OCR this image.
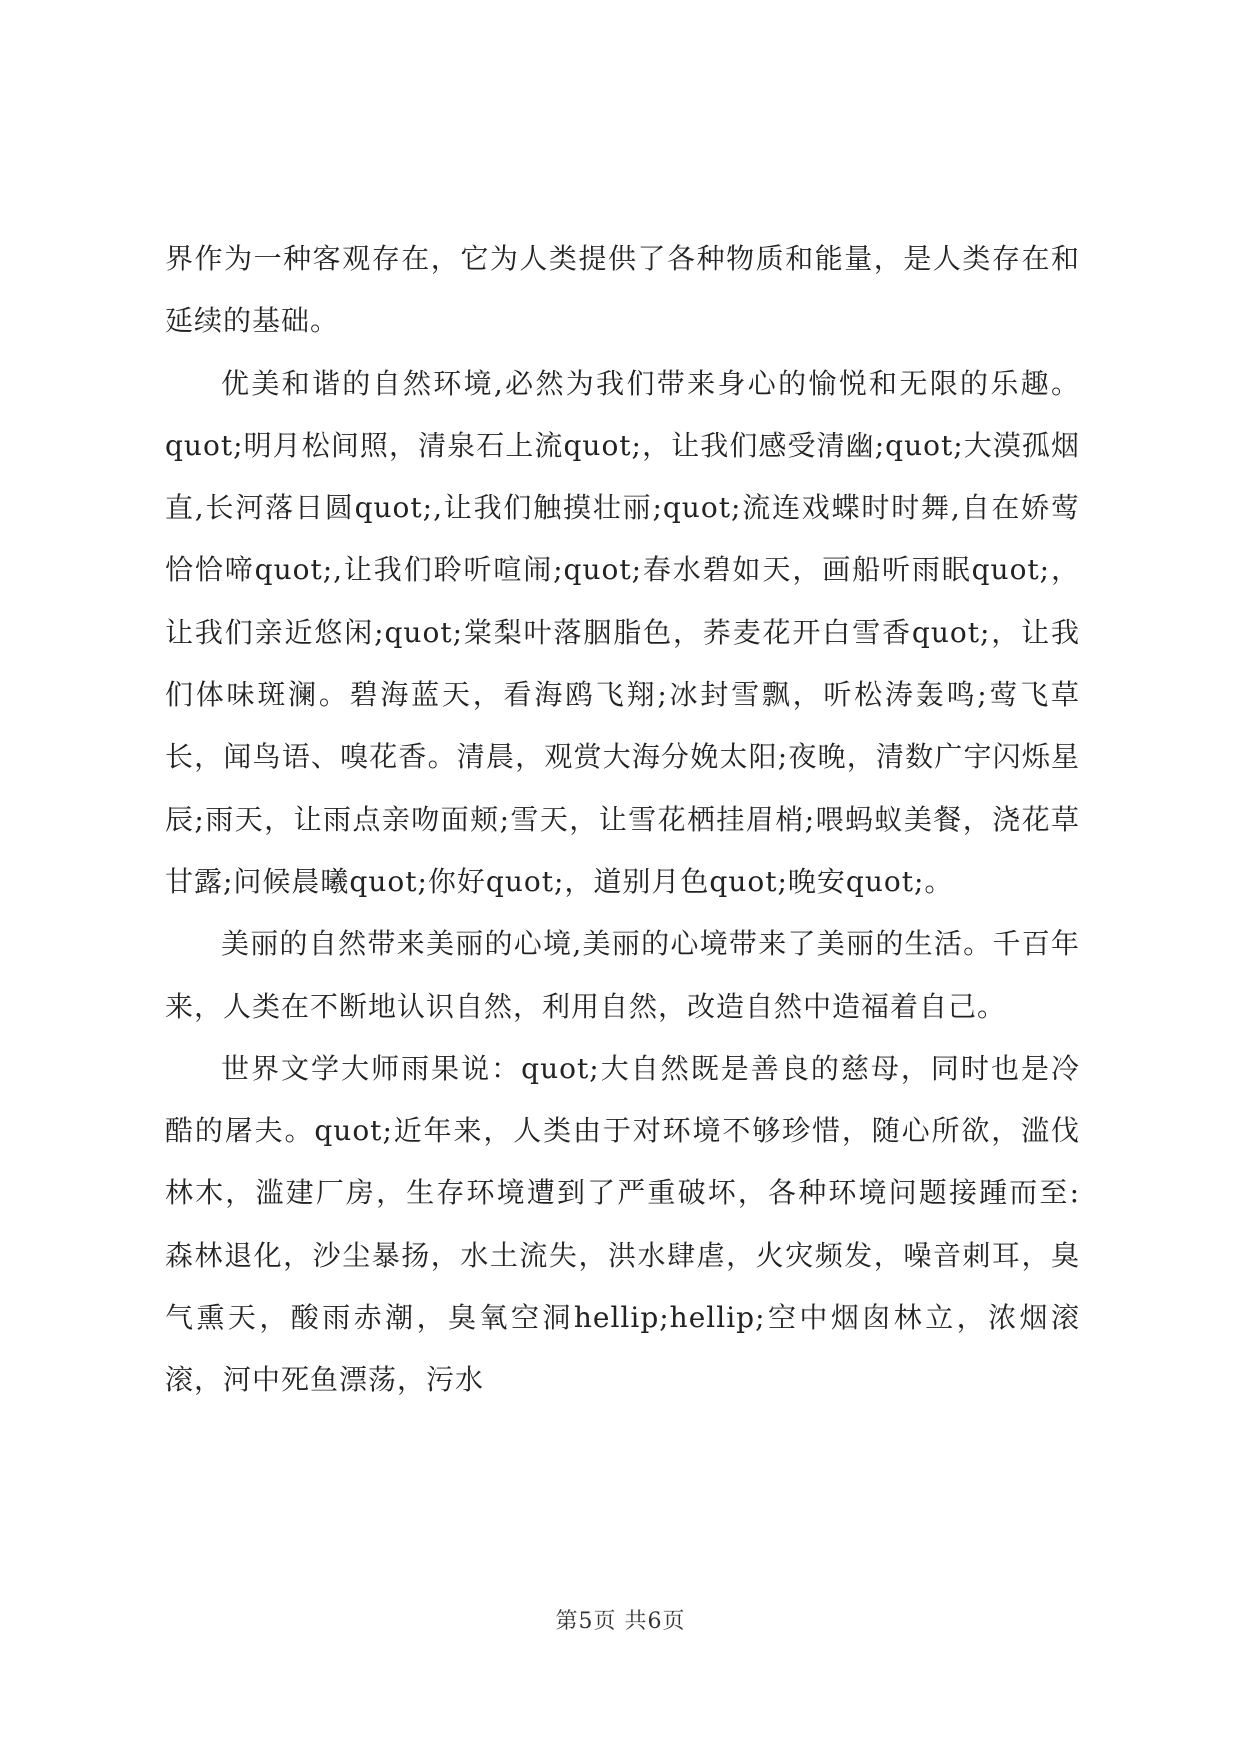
界作为一种客观存在，它为人类提供了各种物质和能量，是人类存在和延续的基础。

优美和谐的自然环境,必然为我们带来身心的愉悦和无限的乐趣。quot;明月松间照，清泉石上流quot;，让我们感受清幽;quot;大漠孤烟直,长河落日圆quot;,让我们触摸壮丽;quot;流连戏蝶时时舞,自在娇莺恰恰啼quot;,让我们聆听喧闹;quot;春水碧如天，画船听雨眠quot;，让我们亲近悠闲;quot;棠梨叶落胭脂色，荞麦花开白雪香quot;，让我们体味斑澜。碧海蓝天，看海鸥飞翔;冰封雪飘，听松涛轰鸣;莺飞草长，闻鸟语、嗅花香。清晨，观赏大海分娩太阳;夜晚，清数广宇闪烁星辰;雨天，让雨点亲吻面颊;雪天，让雪花栖挂眉梢;喂蚂蚁美餐，浇花草甘露;问候晨曦quot;你好quot;，道别月色quot;晚安quot;。

美丽的自然带来美丽的心境,美丽的心境带来了美丽的生活。千百年来，人类在不断地认识自然，利用自然，改造自然中造福着自己。

世界文学大师雨果说：quot;大自然既是善良的慈母，同时也是冷酷的屠夫。quot;近年来，人类由于对环境不够珍惜，随心所欲，滥伐林木，滥建厂房，生存环境遭到了严重破坏，各种环境问题接踵而至: 森林退化，沙尘暴扬，水土流失，洪水肆虐，火灾频发，噪音刺耳，臭气熏天，酸雨赤潮，臭氧空洞hellip;hellip;空中烟囱林立，浓烟滚滚，河中死鱼漂荡，污水

第5页 共6页
